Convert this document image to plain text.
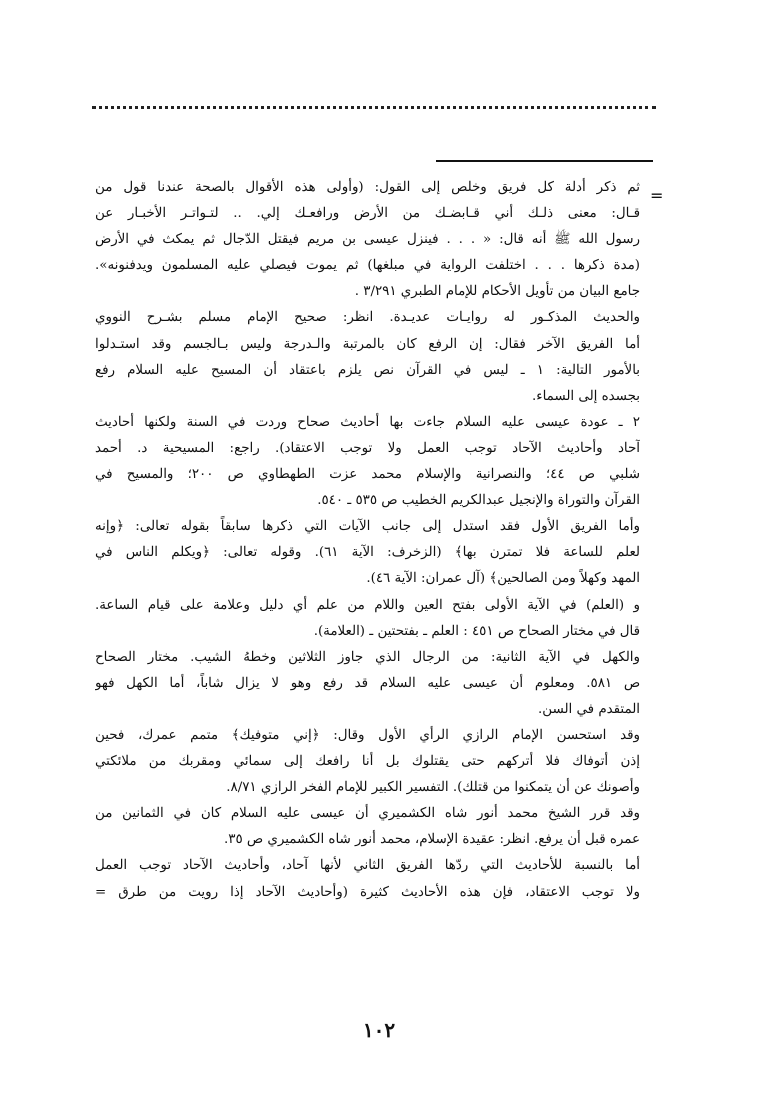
=
ثم ذكر أدلة كل فريق وخلص إلى القول: (وأولى هذه الأقوال بالصحة عندنا قول من
قـال: معنى ذلـك أني قـابضـك من الأرض ورافعـك إلي. .. لتـواتـر الأخبـار عن
رسول الله ﷺ أنه قال: « . . . فينزل عيسى بن مريم فيقتل الدّجال ثم يمكث في الأرض
(مدة ذكرها . . . اختلفت الرواية في مبلغها) ثم يموت فيصلي عليه المسلمون ويدفنونه».
جامع البيان من تأويل الأحكام للإمام الطبري ٣/٢٩١ .
والحديث المذكـور له روايـات عديـدة. انظر: صحيح الإمام مسلم بشـرح النووي
أما الفريق الآخر فقال: إن الرفع كان بالمرتبة والـدرجة وليس بـالجسم وقد استـدلوا
بالأمور التالية: ١ ـ ليس في القرآن نص يلزم باعتقاد أن المسيح عليه السلام رفع
بجسده إلى السماء.
٢ ـ عودة عيسى عليه السلام جاءت بها أحاديث صحاح وردت في السنة ولكنها أحاديث
آحاد وأحاديث الآحاد توجب العمل ولا توجب الاعتقاد). راجع: المسيحية د. أحمد
شلبي ص ٤٤؛ والنصرانية والإسلام محمد عزت الطهطاوي ص ٢٠٠؛ والمسيح في
القرآن والتوراة والإنجيل عبدالكريم الخطيب ص ٥٣٥ ـ ٥٤٠.
وأما الفريق الأول فقد استدل إلى جانب الآيات التي ذكرها سابقاً بقوله تعالى: ﴿وإنه
لعلم للساعة فلا تمترن بها﴾ (الزخرف: الآية ٦١). وقوله تعالى: ﴿ويكلم الناس في
المهد وكهلاً ومن الصالحين﴾ (آل عمران: الآية ٤٦).
و (العلم) في الآية الأولى بفتح العين واللام من علم أي دليل وعلامة على قيام الساعة.
قال في مختار الصحاح ص ٤٥١ : العلم ـ بفتحتين ـ (العلامة).
والكهل في الآية الثانية: من الرجال الذي جاوز الثلاثين وخطهُ الشيب. مختار الصحاح
ص ٥٨١. ومعلوم أن عيسى عليه السلام قد رفع وهو لا يزال شاباً، أما الكهل فهو
المتقدم في السن.
وقد استحسن الإمام الرازي الرأي الأول وقال: ﴿إني متوفيك﴾ متمم عمرك، فحين
إذن أتوفاك فلا أتركهم حتى يقتلوك بل أنا رافعك إلى سمائي ومقربك من ملائكتي
وأصونك عن أن يتمكنوا من قتلك). التفسير الكبير للإمام الفخر الرازي ٨/٧١.
وقد قرر الشيخ محمد أنور شاه الكشميري أن عيسى عليه السلام كان في الثمانين من
عمره قبل أن يرفع. انظر: عقيدة الإسلام، محمد أنور شاه الكشميري ص ٣٥.
أما بالنسبة للأحاديث التي ردّها الفريق الثاني لأنها آحاد، وأحاديث الآحاد توجب العمل
ولا توجب الاعتقاد، فإن هذه الأحاديث كثيرة (وأحاديث الآحاد إذا رويت من طرق =
١٠٢
